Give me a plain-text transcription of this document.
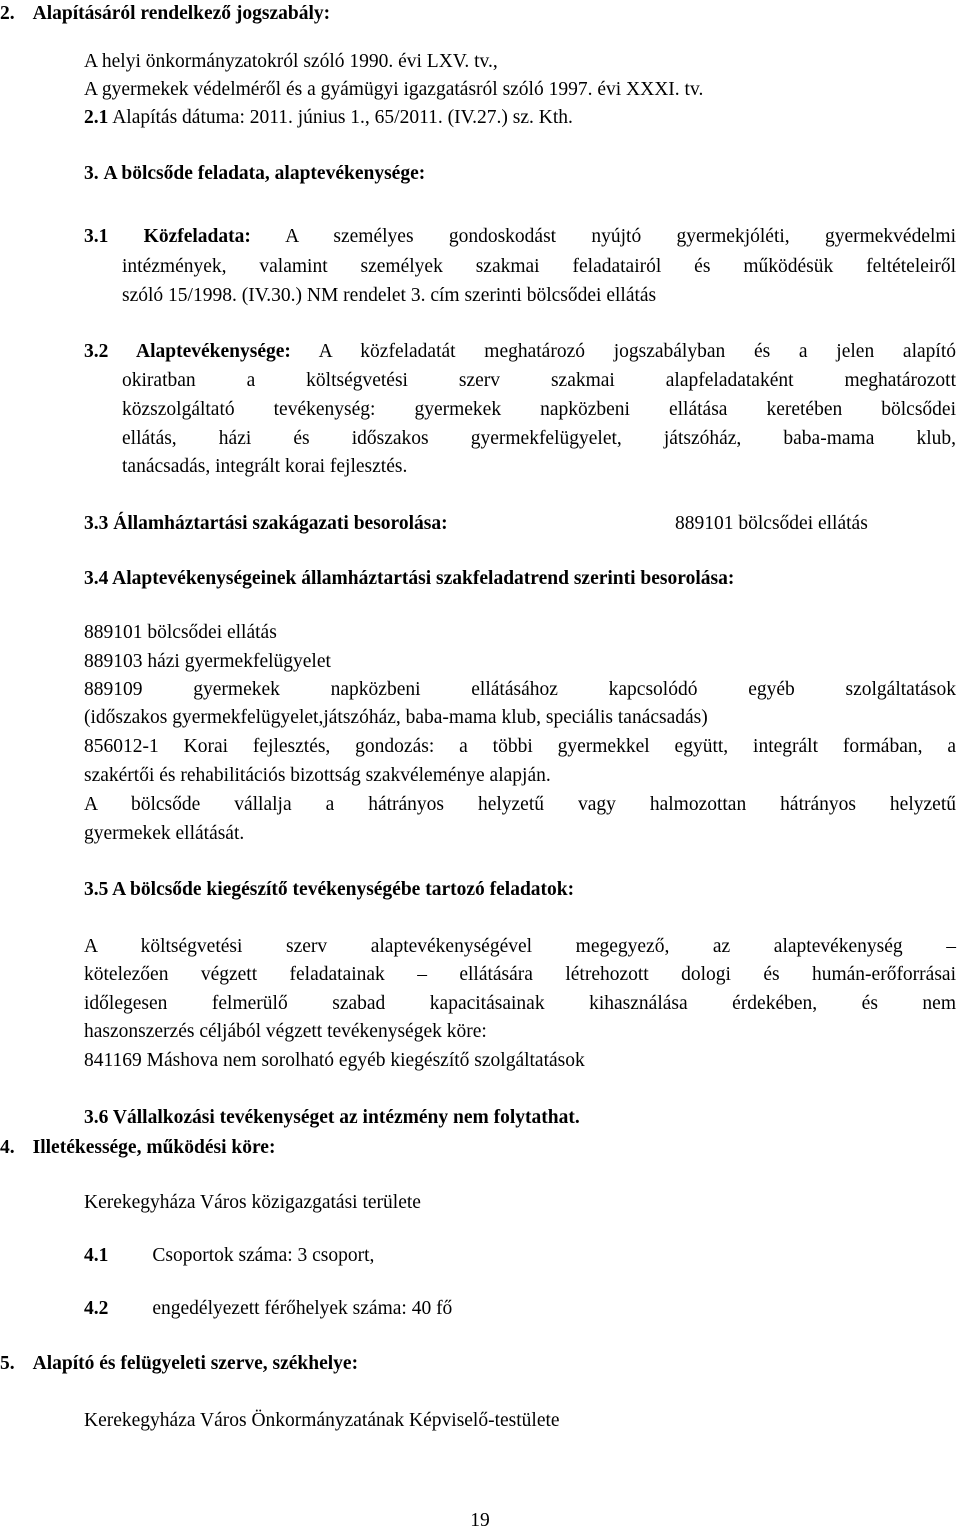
2. Alapításáról rendelkező jogszabály:
A helyi önkormányzatokról szóló 1990. évi LXV. tv.,
A gyermekek védelméről és a gyámügyi igazgatásról szóló 1997. évi XXXI. tv.
2.1 Alapítás dátuma: 2011. június 1., 65/2011. (IV.27.) sz. Kth.
3. A bölcsőde feladata, alaptevékenysége:
3.1 Közfeladata: A személyes gondoskodást nyújtó gyermekjóléti, gyermekvédelmi
intézmények, valamint személyek szakmai feladatairól és működésük feltételeiről
szóló 15/1998. (IV.30.) NM rendelet 3. cím szerinti bölcsődei ellátás
3.2 Alaptevékenysége: A közfeladatát meghatározó jogszabályban és a jelen alapító
okiratban a költségvetési szerv szakmai alapfeladataként meghatározott
közszolgáltató tevékenység: gyermekek napközbeni ellátása keretében bölcsődei
ellátás, házi és időszakos gyermekfelügyelet, játszóház, baba-mama klub,
tanácsadás, integrált korai fejlesztés.
3.3 Államháztartási szakágazati besorolása:	889101 bölcsődei ellátás
3.4 Alaptevékenységeinek államháztartási szakfeladatrend szerinti besorolása:
889101 bölcsődei ellátás
889103 házi gyermekfelügyelet
889109 gyermekek napközbeni ellátásához kapcsolódó egyéb szolgáltatások
(időszakos gyermekfelügyelet,játszóház, baba-mama klub, speciális tanácsadás)
856012-1 Korai fejlesztés, gondozás: a többi gyermekkel együtt, integrált formában, a
szakértői és rehabilitációs bizottság szakvéleménye alapján.
A bölcsőde vállalja a hátrányos helyzetű vagy halmozottan hátrányos helyzetű
gyermekek ellátását.
3.5 A bölcsőde kiegészítő tevékenységébe tartozó feladatok:
A költségvetési szerv alaptevékenységével megegyező, az alaptevékenység –
kötelezően végzett feladatainak – ellátására létrehozott dologi és humán-erőforrásai
időlegesen felmerülő szabad kapacitásainak kihasználása érdekében, és nem
haszonszerzés céljából végzett tevékenységek köre:
841169 Máshova nem sorolható egyéb kiegészítő szolgáltatások
3.6 Vállalkozási tevékenységet az intézmény nem folytathat.
4. Illetékessége, működési köre:
Kerekegyháza Város közigazgatási területe
4.1 Csoportok száma: 3 csoport,
4.2 engedélyezett férőhelyek száma: 40 fő
5. Alapító és felügyeleti szerve, székhelye:
Kerekegyháza Város Önkormányzatának Képviselő-testülete
19
